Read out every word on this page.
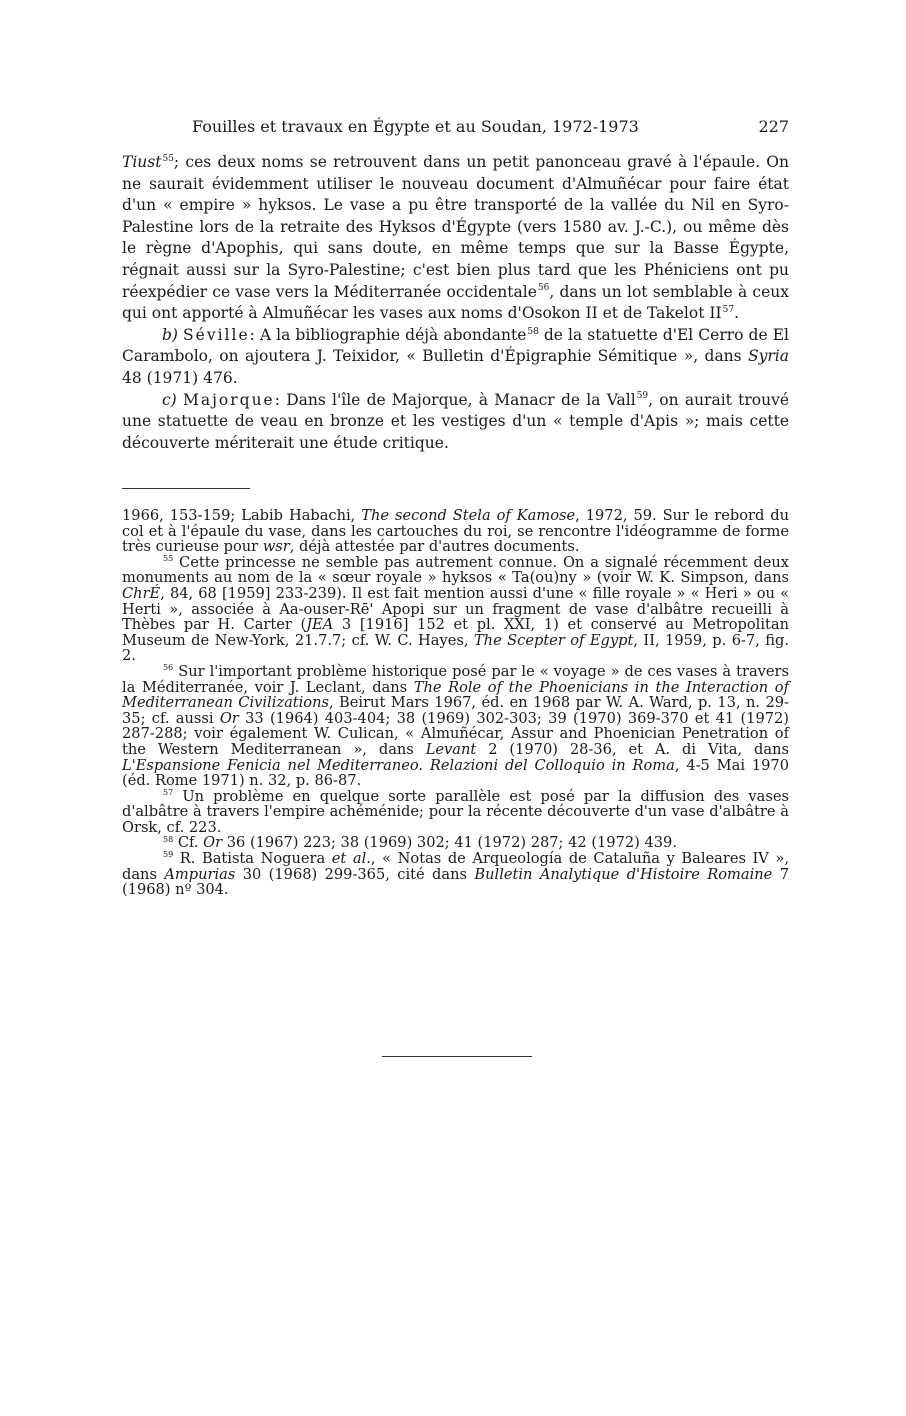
Fouilles et travaux en Égypte et au Soudan, 1972-1973	227

Tiust$^{55}$; ces deux noms se retrouvent dans un petit panonceau gravé à l'épaule. On ne saurait évidemment utiliser le nouveau document d'Almuñécar pour faire état d'un « empire » hyksos. Le vase a pu être transporté de la vallée du Nil en Syro-Palestine lors de la retraite des Hyksos d'Égypte (vers 1580 av. J.-C.), ou même dès le règne d'Apophis, qui sans doute, en même temps que sur la Basse Égypte, régnait aussi sur la Syro-Palestine; c'est bien plus tard que les Phéniciens ont pu réexpédier ce vase vers la Méditerranée occidentale$^{56}$, dans un lot semblable à ceux qui ont apporté à Almuñécar les vases aux noms d'Osokon II et de Takelot II$^{57}$.

b) Séville: A la bibliographie déjà abondante$^{58}$ de la statuette d'El Cerro de El Carambolo, on ajoutera J. Teixidor, « Bulletin d'Épigraphie Sémitique », dans Syria 48 (1971) 476.

c) Majorque: Dans l'île de Majorque, à Manacr de la Vall$^{59}$, on aurait trouvé une statuette de veau en bronze et les vestiges d'un « temple d'Apis »; mais cette découverte mériterait une étude critique.

1966, 153-159; Labib Habachi, The second Stela of Kamose, 1972, 59. Sur le rebord du col et à l'épaule du vase, dans les cartouches du roi, se rencontre l'idéogramme de forme très curieuse pour wsr, déjà attestée par d'autres documents.

$^{55}$ Cette princesse ne semble pas autrement connue. On a signalé récemment deux monuments au nom de la « sœur royale » hyksos « Ta(ou)ny » (voir W. K. Simpson, dans ChrÉ, 84, 68 [1959] 233-239). Il est fait mention aussi d'une « fille royale » « Heri » ou « Herti », associée à Aa-ouser-Rē' Apopi sur un fragment de vase d'albâtre recueilli à Thèbes par H. Carter (JEA 3 [1916] 152 et pl. XXI, 1) et conservé au Metropolitan Museum de New-York, 21.7.7; cf. W. C. Hayes, The Scepter of Egypt, II, 1959, p. 6-7, fig. 2.

$^{56}$ Sur l'important problème historique posé par le « voyage » de ces vases à travers la Méditerranée, voir J. Leclant, dans The Role of the Phoenicians in the Interaction of Mediterranean Civilizations, Beirut Mars 1967, éd. en 1968 par W. A. Ward, p. 13, n. 29-35; cf. aussi Or 33 (1964) 403-404; 38 (1969) 302-303; 39 (1970) 369-370 et 41 (1972) 287-288; voir également W. Culican, « Almuñécar, Assur and Phoenician Penetration of the Western Mediterranean », dans Levant 2 (1970) 28-36, et A. di Vita, dans L'Espansione Fenicia nel Mediterraneo. Relazioni del Colloquio in Roma, 4-5 Mai 1970 (éd. Rome 1971) n. 32, p. 86-87.

$^{57}$ Un problème en quelque sorte parallèle est posé par la diffusion des vases d'albâtre à travers l'empire achéménide; pour la récente découverte d'un vase d'albâtre à Orsk, cf. 223.

$^{58}$ Cf. Or 36 (1967) 223; 38 (1969) 302; 41 (1972) 287; 42 (1972) 439.

$^{59}$ R. Batista Noguera et al., « Notas de Arqueología de Cataluña y Baleares IV », dans Ampurias 30 (1968) 299-365, cité dans Bulletin Analytique d'Histoire Romaine 7 (1968) nº 304.
